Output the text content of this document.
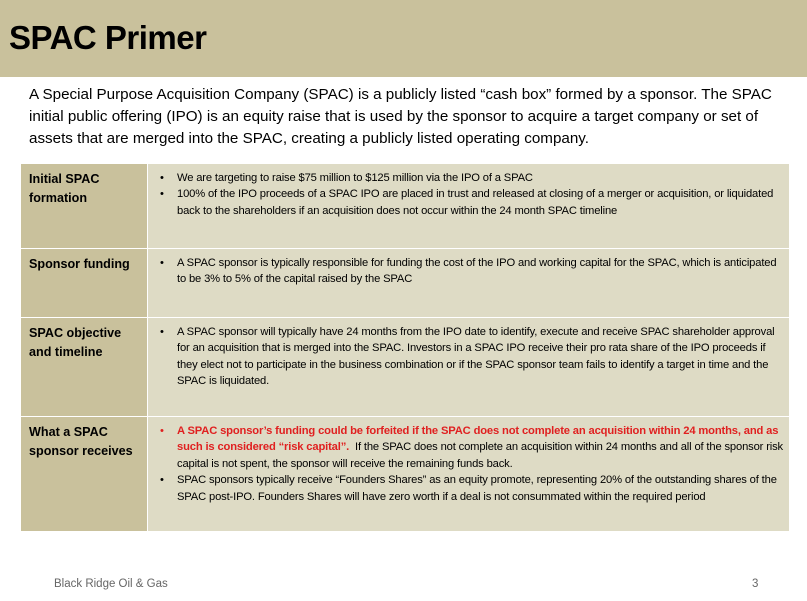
SPAC Primer

A Special Purpose Acquisition Company (SPAC) is a publicly listed “cash box” formed by a sponsor. The SPAC initial public offering (IPO) is an equity raise that is used by the sponsor to acquire a target company or set of assets that are merged into the SPAC, creating a publicly listed operating company.

Initial SPAC formation
• We are targeting to raise $75 million to $125 million via the IPO of a SPAC
• 100% of the IPO proceeds of a SPAC IPO are placed in trust and released at closing of a merger or acquisition, or liquidated back to the shareholders if an acquisition does not occur within the 24 month SPAC timeline
Sponsor funding
•	A SPAC sponsor is typically responsible for funding the cost of the IPO and working capital for the SPAC, which is anticipated to be 3% to 5% of the capital raised by the SPAC
SPAC objective and timeline
• A SPAC sponsor will typically have 24 months from the IPO date to identify, execute and receive SPAC shareholder approval for an acquisition that is merged into the SPAC. Investors in a SPAC IPO receive their pro rata share of the IPO proceeds if they elect not to participate in the business combination or if the SPAC sponsor team fails to identify a target in time and the SPAC is liquidated.
What a SPAC sponsor receives
• A SPAC sponsor’s funding could be forfeited if the SPAC does not complete an acquisition within 24 months, and as such is considered “risk capital”.  If the SPAC does not complete an acquisition within 24 months and all of the sponsor risk capital is not spent, the sponsor will receive the remaining funds back.
• SPAC sponsors typically receive “Founders Shares” as an equity promote, representing 20% of the outstanding shares of the SPAC post-IPO. Founders Shares will have zero worth if a deal is not consummated within the required period
Black Ridge Oil & Gas	3
